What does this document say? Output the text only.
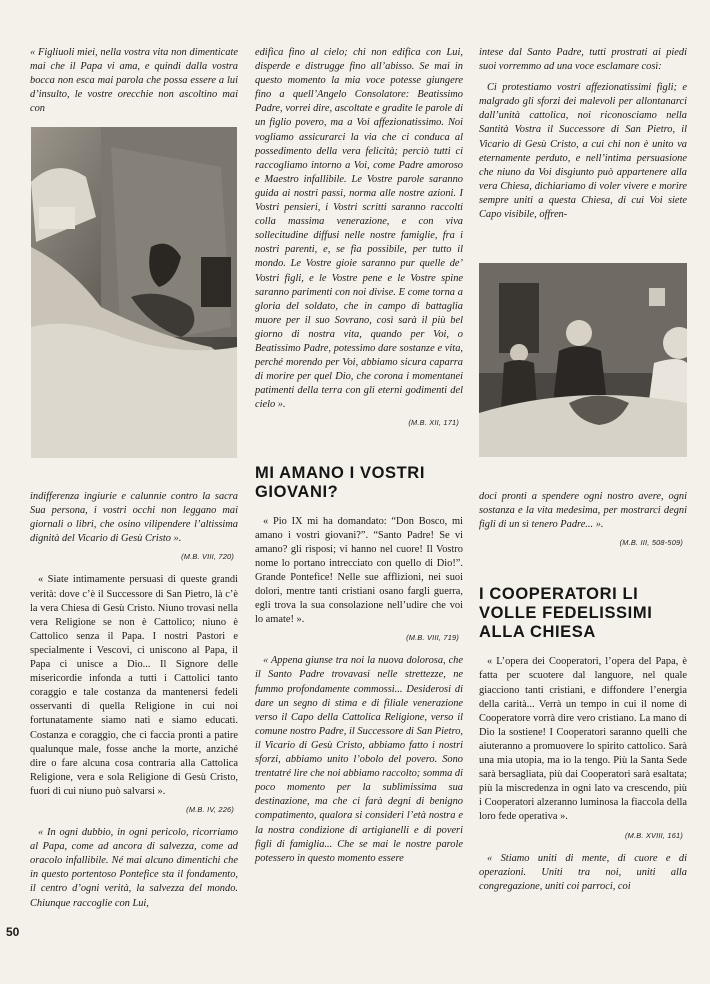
« Figliuoli miei, nella vostra vita non dimenticate mai che il Papa vi ama, e quindi dalla vostra bocca non esca mai parola che possa essere a lui d’insulto, le vostre orecchie non ascoltino mai con

indifferenza ingiurie e calunnie contro la sacra Sua persona, i vostri occhi non leggano mai giornali o libri, che osino vilipendere l’altissima dignità del Vicario di Gesù Cristo ».

(M.B. VIII, 720)

« Siate intimamente persuasi di queste grandi verità: dove c’è il Successore di San Pietro, là c’è la vera Chiesa di Gesù Cristo. Niuno trovasi nella vera Religione se non è Cattolico; niuno è Cattolico senza il Papa. I nostri Pastori e specialmente i Vescovi, ci uniscono al Papa, il Papa ci unisce a Dio... Il Signore delle misericordie infonda a tutti i Cattolici tanto coraggio e tale costanza da mantenersi fedeli osservanti di quella Religione in cui noi fortunatamente siamo nati e siamo educati. Costanza e coraggio, che ci faccia pronti a patire qualunque male, fosse anche la morte, anziché dire o fare alcuna cosa contraria alla Cattolica Religione, vera e sola Religione di Gesù Cristo, fuori di cui niuno può salvarsi ».

(M.B. IV, 226)

« In ogni dubbio, in ogni pericolo, ricorriamo al Papa, come ad ancora di salvezza, come ad oracolo infallibile. Né mai alcuno dimentichi che in questo portentoso Pontefice sta il fondamento, il centro d’ogni verità, la salvezza del mondo. Chiunque raccoglie con Lui,

edifica fino al cielo; chi non edifica con Lui, disperde e distrugge fino all’abisso. Se mai in questo momento la mia voce potesse giungere fino a quell’Angelo Consolatore: Beatissimo Padre, vorrei dire, ascoltate e gradite le parole di un figlio povero, ma a Voi affezionatissimo. Noi vogliamo assicurarci la via che ci conduca al possedimento della vera felicità; perciò tutti ci raccogliamo intorno a Voi, come Padre amoroso e Maestro infallibile. Le Vostre parole saranno guida ai nostri passi, norma alle nostre azioni. I Vostri pensieri, i Vostri scritti saranno raccolti colla massima venerazione, e con viva sollecitudine diffusi nelle nostre famiglie, fra i nostri parenti, e, se fia possibile, per tutto il mondo. Le Vostre gioie saranno pur quelle de’ Vostri figli, e le Vostre pene e le Vostre spine saranno parimenti con noi divise. E come torna a gloria del soldato, che in campo di battaglia muore per il suo Sovrano, così sarà il più bel giorno di nostra vita, quando per Voi, o Beatissimo Padre, potessimo dare sostanze e vita, perché morendo per Voi, abbiamo sicura caparra di morire per quel Dio, che corona i momentanei patimenti della terra con gli eterni godimenti del cielo ».

(M.B. XII, 171)
MI AMANO I VOSTRI GIOVANI?

« Pio IX mi ha domandato: “Don Bosco, mi amano i vostri giovani?”. “Santo Padre! Se vi amano? gli risposi; vi hanno nel cuore! Il Vostro nome lo portano intrecciato con quello di Dio!”. Grande Pontefice! Nelle sue afflizioni, nei suoi dolori, mentre tanti cristiani osano fargli guerra, egli trova la sua consolazione nell’udire che voi lo amate! ».

(M.B. VIII, 719)

« Appena giunse tra noi la nuova dolorosa, che il Santo Padre trovavasi nelle strettezze, ne fummo profondamente commossi... Desiderosi di dare un segno di stima e di filiale venerazione verso il Capo della Cattolica Religione, verso il comune nostro Padre, il Successore di San Pietro, il Vicario di Gesù Cristo, abbiamo fatto i nostri sforzi, abbiamo unito l’obolo del povero. Sono trentatré lire che noi abbiamo raccolto; somma di poco momento per la sublimissima sua destinazione, ma che ci farà degni di benigno compatimento, qualora si consideri l’età nostra e la nostra condizione di artigianelli e di poveri figli di famiglia... Che se mai le nostre parole potessero in questo momento essere

intese dal Santo Padre, tutti prostrati ai piedi suoi vorremmo ad una voce esclamare così:

Ci protestiamo vostri affezionatissimi figli; e malgrado gli sforzi dei malevoli per allontanarci dall’unità cattolica, noi riconosciamo nella Santità Vostra il Successore di San Pietro, il Vicario di Gesù Cristo, a cui chi non è unito va eternamente perduto, e nell’intima persuasione che niuno da Voi disgiunto può appartenere alla vera Chiesa, dichiariamo di voler vivere e morire sempre uniti a questa Chiesa, di cui Voi siete Capo visibile, offren-

doci pronti a spendere ogni nostro avere, ogni sostanza e la vita medesima, per mostrarci degni figli di un sì tenero Padre... ».

(M.B. III, 508-509)
I COOPERATORI LI VOLLE FEDELISSIMI ALLA CHIESA

« L’opera dei Cooperatori, l’opera del Papa, è fatta per scuotere dal languore, nel quale giacciono tanti cristiani, e diffondere l’energia della carità... Verrà un tempo in cui il nome di Cooperatore vorrà dire vero cristiano. La mano di Dio la sostiene! I Cooperatori saranno quelli che aiuteranno a promuovere lo spirito cattolico. Sarà una mia utopia, ma io la tengo. Più la Santa Sede sarà bersagliata, più dai Cooperatori sarà esaltata; più la miscredenza in ogni lato va crescendo, più i Cooperatori alzeranno luminosa la fiaccola della loro fede operativa ».

(M.B. XVIII, 161)

« Stiamo uniti di mente, di cuore e di operazioni. Uniti tra noi, uniti alla congregazione, uniti coi parroci, coi

50
